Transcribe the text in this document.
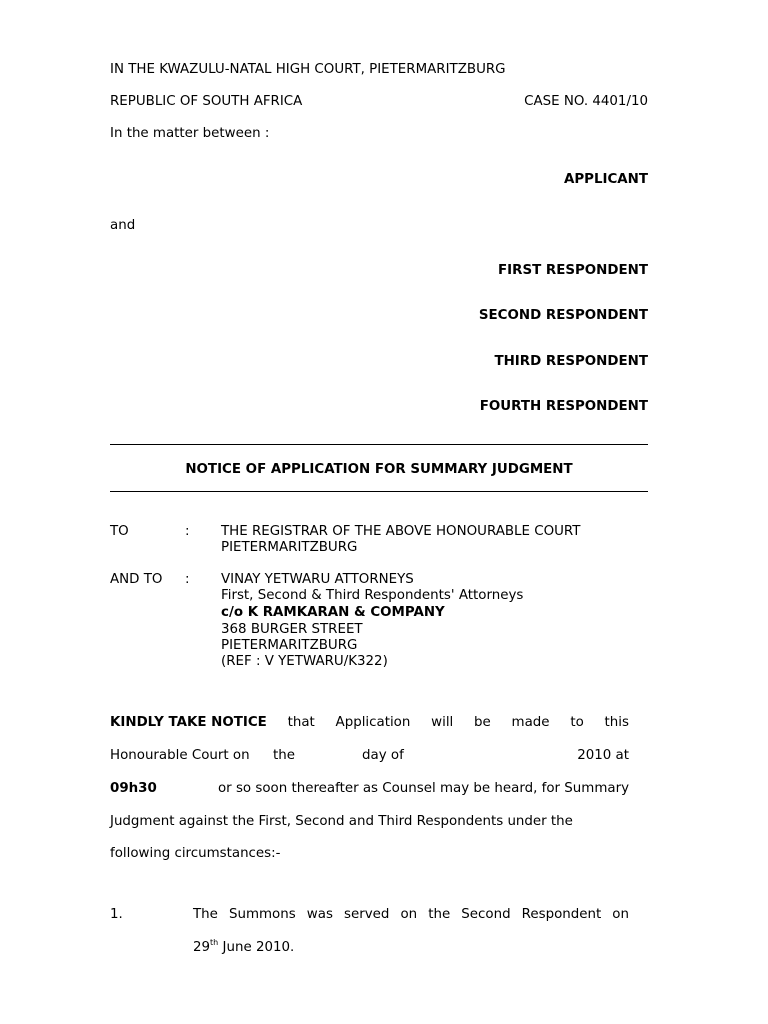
IN THE KWAZULU-NATAL HIGH COURT, PIETERMARITZBURG
REPUBLIC OF SOUTH AFRICA	CASE NO. 4401/10
In the matter between :
APPLICANT
and
FIRST RESPONDENT
SECOND RESPONDENT
THIRD RESPONDENT
FOURTH RESPONDENT
NOTICE OF APPLICATION FOR SUMMARY JUDGMENT
TO	: THE REGISTRAR OF THE ABOVE HONOURABLE COURT
PIETERMARITZBURG
AND TO : VINAY YETWARU ATTORNEYS
First, Second & Third Respondents' Attorneys
c/o K RAMKARAN & COMPANY
368 BURGER STREET
PIETERMARITZBURG
(REF : V YETWARU/K322)
KINDLY TAKE NOTICE that Application will be made to this
Honourable Court on the	day of	2010 at
09h30	or so soon thereafter as Counsel may be heard, for Summary
Judgment against the First, Second and Third Respondents under the
following circumstances:-
1.	The Summons was served on the Second Respondent on
29th June 2010.
